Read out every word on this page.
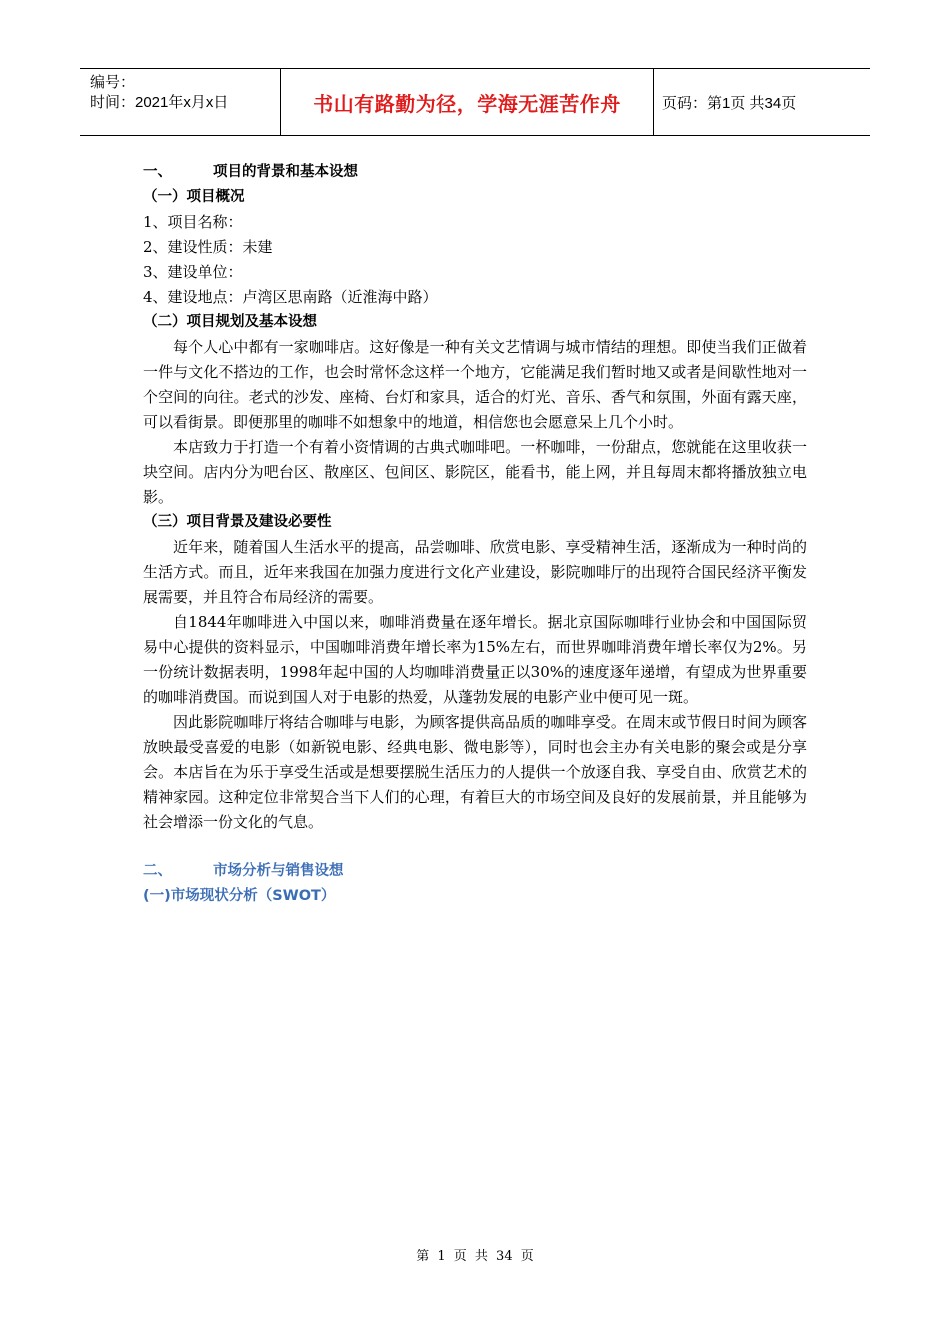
编号：
时间：2021年x月x日	书山有路勤为径，学海无涯苦作舟	页码：第1页 共34页
一、	项目的背景和基本设想
（一）项目概况
1、项目名称：
2、建设性质：未建
3、建设单位：
4、建设地点：卢湾区思南路（近淮海中路）
（二）项目规划及基本设想

每个人心中都有一家咖啡店。这好像是一种有关文艺情调与城市情结的理想。即使当我们正做着一件与文化不搭边的工作，也会时常怀念这样一个地方，它能满足我们暂时地又或者是间歇性地对一个空间的向往。老式的沙发、座椅、台灯和家具，适合的灯光、音乐、香气和氛围，外面有露天座，可以看街景。即便那里的咖啡不如想象中的地道，相信您也会愿意呆上几个小时。

本店致力于打造一个有着小资情调的古典式咖啡吧。一杯咖啡，一份甜点，您就能在这里收获一块空间。店内分为吧台区、散座区、包间区、影院区，能看书，能上网，并且每周末都将播放独立电影。

（三）项目背景及建设必要性

近年来，随着国人生活水平的提高，品尝咖啡、欣赏电影、享受精神生活，逐渐成为一种时尚的生活方式。而且，近年来我国在加强力度进行文化产业建设，影院咖啡厅的出现符合国民经济平衡发展需要，并且符合布局经济的需要。

自1844年咖啡进入中国以来，咖啡消费量在逐年增长。据北京国际咖啡行业协会和中国国际贸易中心提供的资料显示，中国咖啡消费年增长率为15%左右，而世界咖啡消费年增长率仅为2%。另一份统计数据表明，1998年起中国的人均咖啡消费量正以30%的速度逐年递增，有望成为世界重要的咖啡消费国。而说到国人对于电影的热爱，从蓬勃发展的电影产业中便可见一斑。

因此影院咖啡厅将结合咖啡与电影，为顾客提供高品质的咖啡享受。在周末或节假日时间为顾客放映最受喜爱的电影（如新锐电影、经典电影、微电影等），同时也会主办有关电影的聚会或是分享会。本店旨在为乐于享受生活或是想要摆脱生活压力的人提供一个放逐自我、享受自由、欣赏艺术的精神家园。这种定位非常契合当下人们的心理，有着巨大的市场空间及良好的发展前景，并且能够为社会增添一份文化的气息。

二、	市场分析与销售设想
(一)市场现状分析（SWOT）
第 1 页 共 34 页
